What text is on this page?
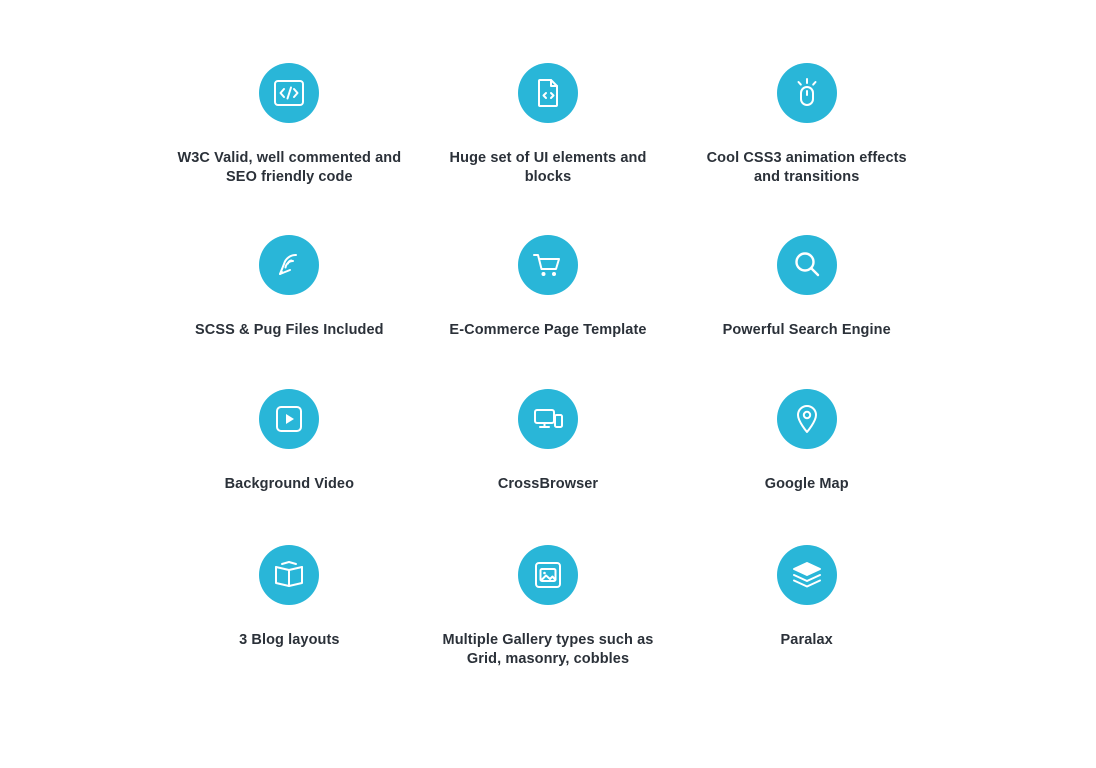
W3C Valid, well commented and SEO friendly code
Huge set of UI elements and blocks
Cool CSS3 animation effects and transitions
SCSS & Pug Files Included	E-Commerce Page Template	Powerful Search Engine
Background Video	CrossBrowser	Google Map
3 Blog layouts	Multiple Gallery types such as Grid, masonry, cobbles
Paralax
